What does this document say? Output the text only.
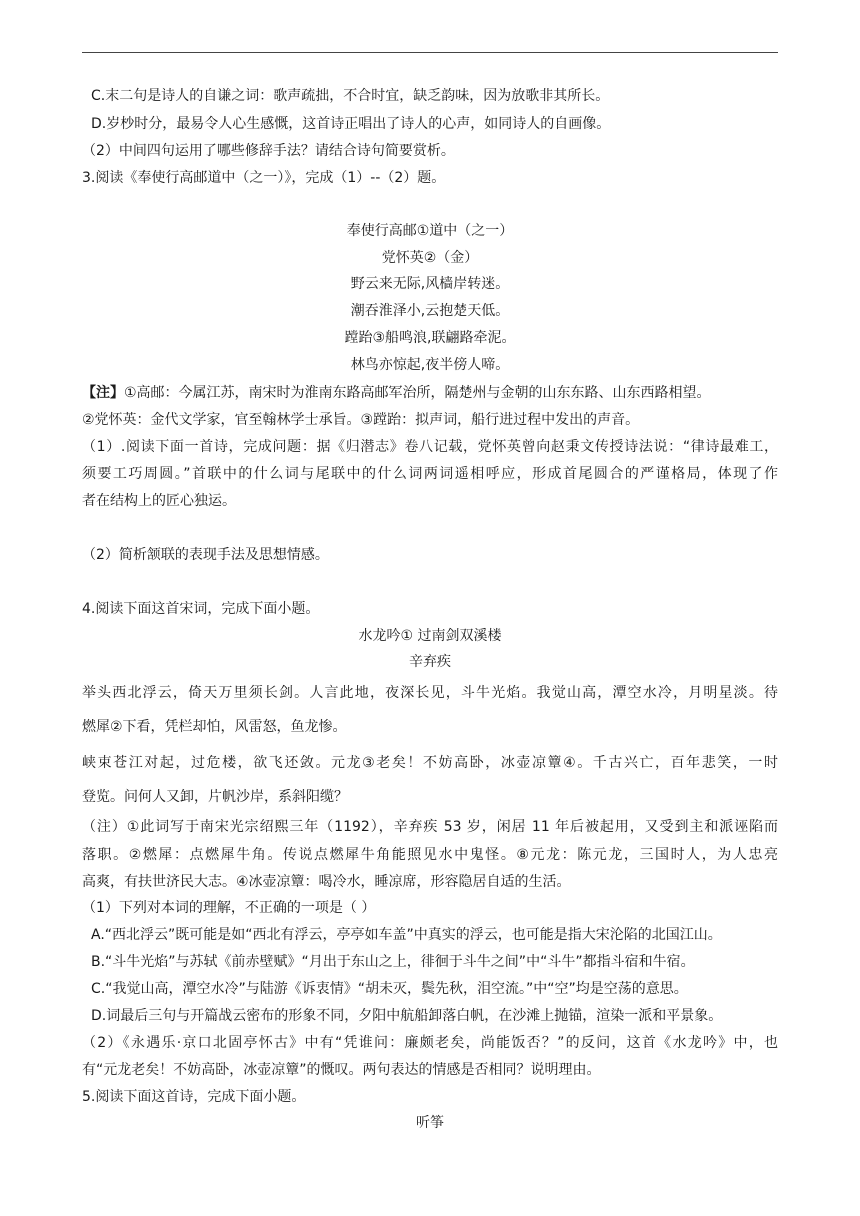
C.末二句是诗人的自谦之词：歌声疏拙，不合时宜，缺乏韵味，因为放歌非其所长。
D.岁杪时分，最易令人心生感慨，这首诗正唱出了诗人的心声，如同诗人的自画像。
（2）中间四句运用了哪些修辞手法？请结合诗句简要赏析。
3.阅读《奉使行高邮道中（之一）》，完成（1）--（2）题。
奉使行高邮①道中（之一）
党怀英②（金）
野云来无际,风樯岸转迷。
潮吞淮泽小,云抱楚天低。
蹚跆③船鸣浪,联翩路牵泥。
林鸟亦惊起,夜半傍人啼。
【注】①高邮：今属江苏，南宋时为淮南东路高邮军治所，隔楚州与金朝的山东东路、山东西路相望。
②党怀英：金代文学家，官至翰林学士承旨。③蹚跆：拟声词，船行进过程中发出的声音。
（1）.阅读下面一首诗，完成问题：据《归潜志》卷八记载，党怀英曾向赵秉文传授诗法说：“律诗最难工，
须要工巧周圆。”首联中的什么词与尾联中的什么词两词遥相呼应，形成首尾圆合的严谨格局，体现了作
者在结构上的匠心独运。
（2）简析颔联的表现手法及思想情感。
4.阅读下面这首宋词，完成下面小题。
水龙吟① 过南剑双溪楼
辛弃疾
举头西北浮云，倚天万里须长剑。人言此地，夜深长见，斗牛光焰。我觉山高，潭空水冷，月明星淡。待
燃犀②下看，凭栏却怕，风雷怒，鱼龙惨。
峡束苍江对起，过危楼，欲飞还敛。元龙③老矣！不妨高卧，冰壶凉簟④。千古兴亡，百年悲笑，一时
登览。问何人又卸，片帆沙岸，系斜阳缆？
（注）①此词写于南宋光宗绍熙三年（1192），辛弃疾 53 岁，闲居 11 年后被起用，又受到主和派诬陷而
落职。②燃犀：点燃犀牛角。传说点燃犀牛角能照见水中鬼怪。⑧元龙：陈元龙，三国时人，为人忠亮
高爽，有扶世济民大志。④冰壶凉簟：喝冷水，睡凉席，形容隐居自适的生活。
（1）下列对本词的理解，不正确的一项是（ ）
A.“西北浮云”既可能是如“西北有浮云，亭亭如车盖”中真实的浮云，也可能是指大宋沦陷的北国江山。
B.“斗牛光焰”与苏轼《前赤壁赋》“月出于东山之上，徘徊于斗牛之间”中“斗牛”都指斗宿和牛宿。
C.“我觉山高，潭空水冷”与陆游《诉衷情》“胡未灭，鬓先秋，泪空流。”中“空”均是空荡的意思。
D.词最后三句与开篇战云密布的形象不同，夕阳中航船卸落白帆，在沙滩上抛锚，渲染一派和平景象。
（2）《永遇乐·京口北固亭怀古》中有“凭谁问：廉颇老矣，尚能饭否？”的反问，这首《水龙吟》中，也
有“元龙老矣！不妨高卧，冰壶凉簟”的慨叹。两句表达的情感是否相同？说明理由。
5.阅读下面这首诗，完成下面小题。
听筝
